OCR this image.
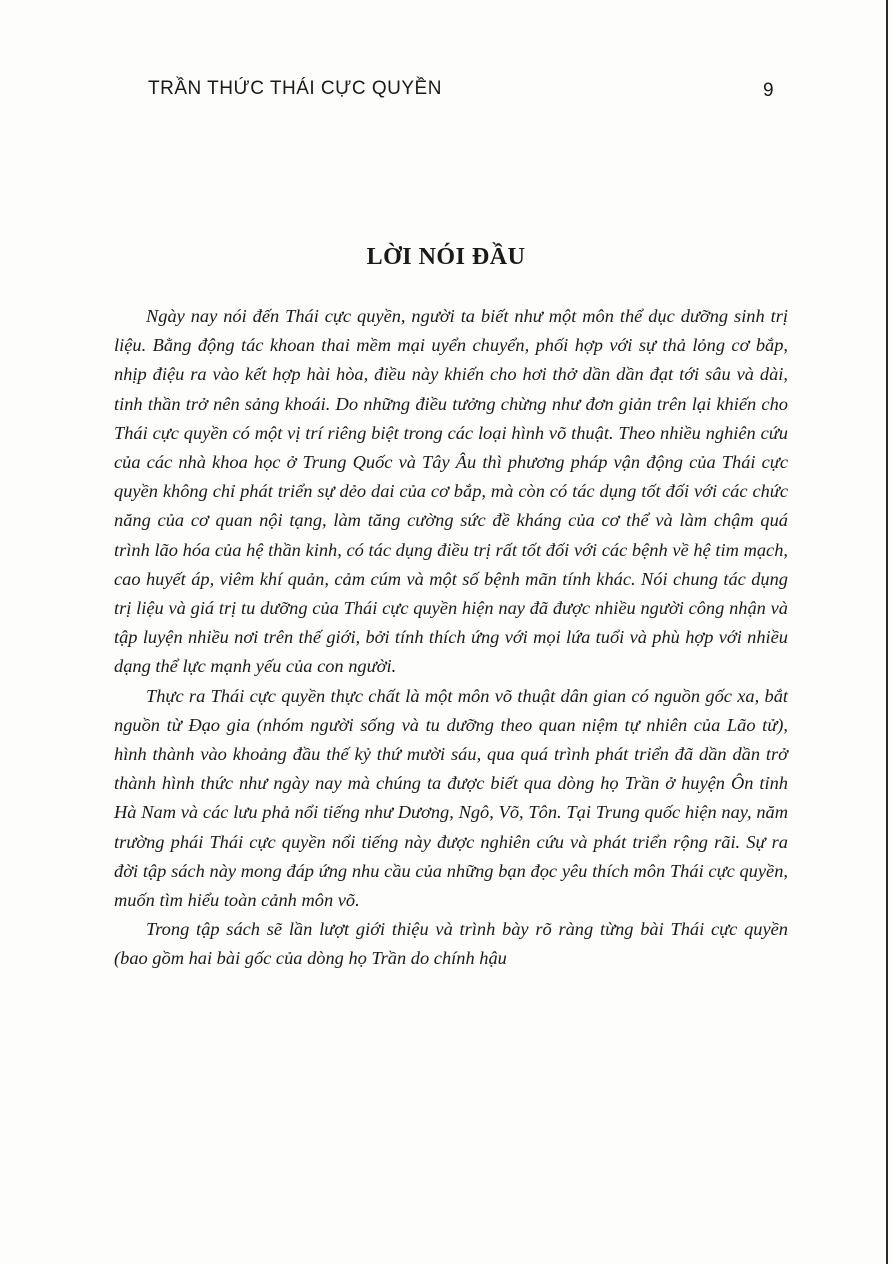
TRẦN THỨC THÁI CỰC QUYỀN	9
LỜI NÓI ĐẦU

Ngày nay nói đến Thái cực quyền, người ta biết như một môn thể dục dưỡng sinh trị liệu. Bằng động tác khoan thai mềm mại uyển chuyển, phối hợp với sự thả lỏng cơ bắp, nhịp điệu ra vào kết hợp hài hòa, điều này khiến cho hơi thở dần dần đạt tới sâu và dài, tinh thần trở nên sảng khoái. Do những điều tưởng chừng như đơn giản trên lại khiến cho Thái cực quyền có một vị trí riêng biệt trong các loại hình võ thuật. Theo nhiều nghiên cứu của các nhà khoa học ở Trung Quốc và Tây Âu thì phương pháp vận động của Thái cực quyền không chỉ phát triển sự dẻo dai của cơ bắp, mà còn có tác dụng tốt đối với các chức năng của cơ quan nội tạng, làm tăng cường sức đề kháng của cơ thể và làm chậm quá trình lão hóa của hệ thần kinh, có tác dụng điều trị rất tốt đối với các bệnh về hệ tim mạch, cao huyết áp, viêm khí quản, cảm cúm và một số bệnh mãn tính khác. Nói chung tác dụng trị liệu và giá trị tu dưỡng của Thái cực quyền hiện nay đã được nhiều người công nhận và tập luyện nhiều nơi trên thế giới, bởi tính thích ứng với mọi lứa tuổi và phù hợp với nhiều dạng thể lực mạnh yếu của con người.

Thực ra Thái cực quyền thực chất là một môn võ thuật dân gian có nguồn gốc xa, bắt nguồn từ Đạo gia (nhóm người sống và tu dưỡng theo quan niệm tự nhiên của Lão tử), hình thành vào khoảng đầu thế kỷ thứ mười sáu, qua quá trình phát triển đã dần dần trở thành hình thức như ngày nay mà chúng ta được biết qua dòng họ Trần ở huyện Ôn tỉnh Hà Nam và các lưu phả nổi tiếng như Dương, Ngô, Võ, Tôn. Tại Trung quốc hiện nay, năm trường phái Thái cực quyền nổi tiếng này được nghiên cứu và phát triển rộng rãi. Sự ra đời tập sách này mong đáp ứng nhu cầu của những bạn đọc yêu thích môn Thái cực quyền, muốn tìm hiểu toàn cảnh môn võ.

Trong tập sách sẽ lần lượt giới thiệu và trình bày rõ ràng từng bài Thái cực quyền (bao gồm hai bài gốc của dòng họ Trần do chính hậu
